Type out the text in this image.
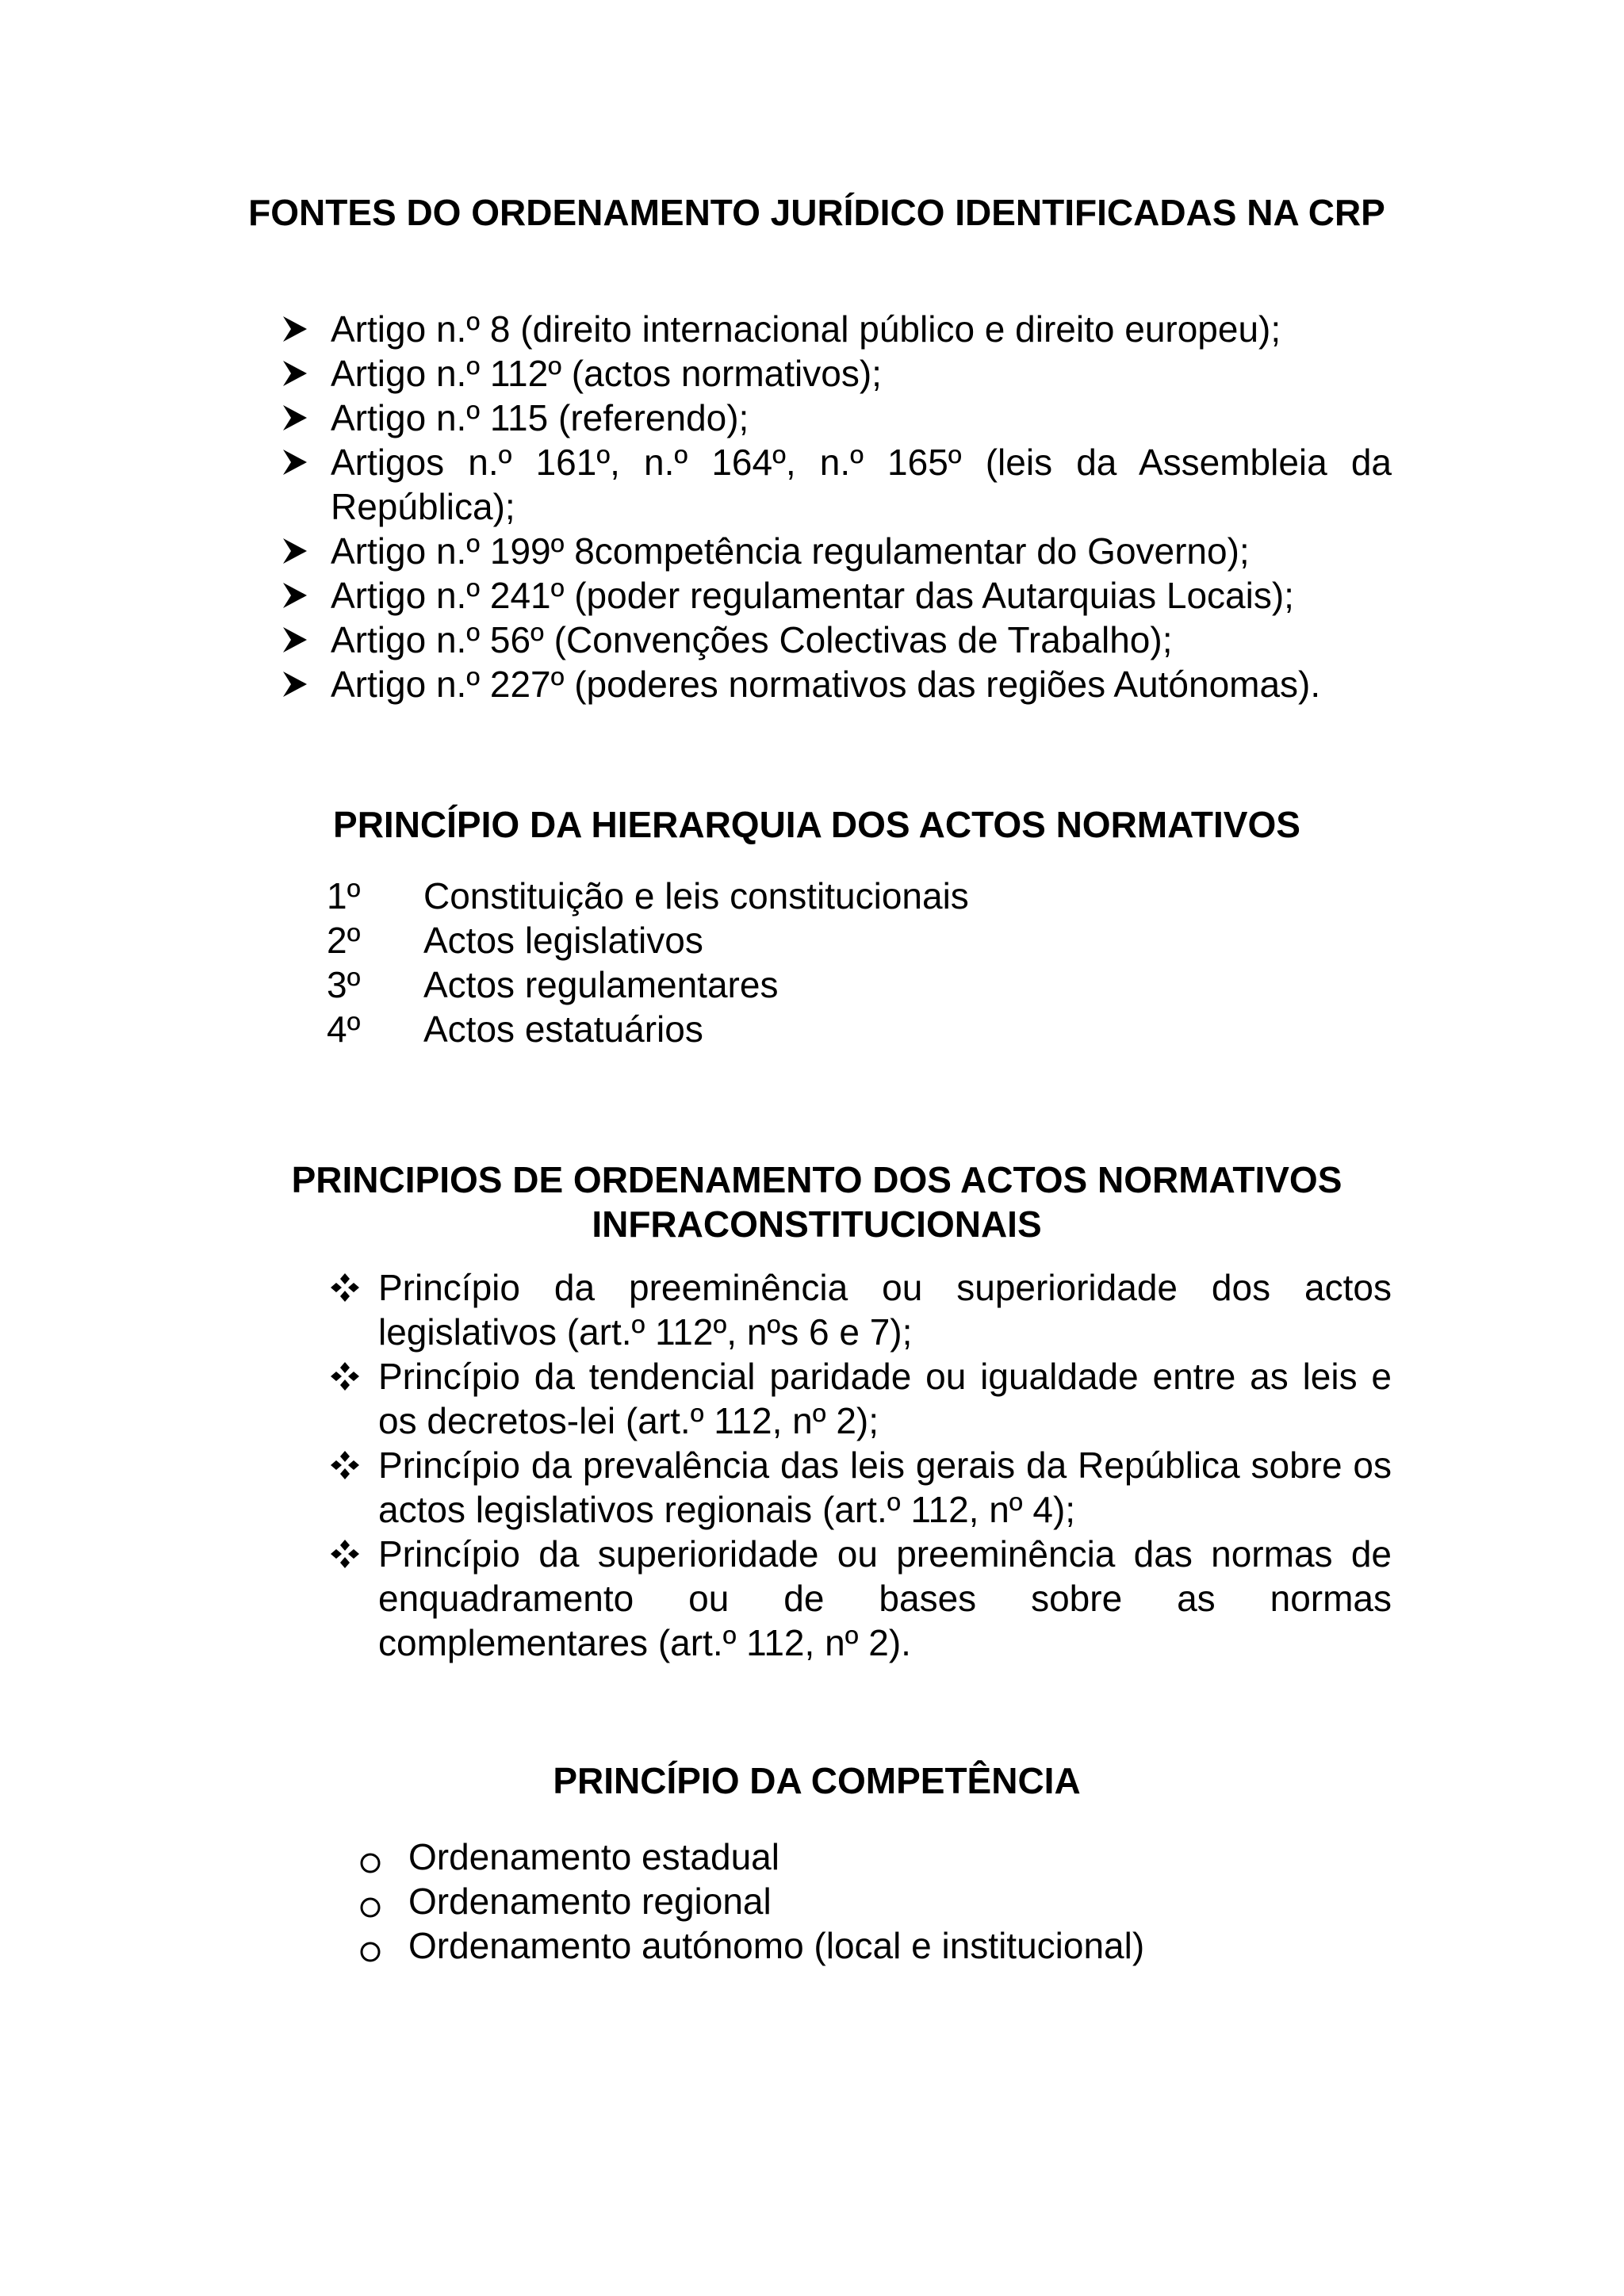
FONTES DO ORDENAMENTO JURÍDICO IDENTIFICADAS NA CRP
Artigo n.º 8 (direito internacional público e direito europeu);
Artigo n.º 112º (actos normativos);
Artigo n.º 115 (referendo);
Artigos n.º 161º, n.º 164º, n.º 165º (leis da Assembleia da República);
Artigo n.º 199º 8competência regulamentar do Governo);
Artigo n.º 241º (poder regulamentar das Autarquias Locais);
Artigo n.º 56º (Convenções Colectivas de Trabalho);
Artigo n.º 227º (poderes normativos das regiões Autónomas).
PRINCÍPIO DA HIERARQUIA DOS ACTOS NORMATIVOS
1º Constituição e leis constitucionais
2º Actos legislativos
3º Actos regulamentares
4º Actos estatuários
PRINCIPIOS DE ORDENAMENTO DOS ACTOS NORMATIVOS
INFRACONSTITUCIONAIS
Princípio da preeminência ou superioridade dos actos legislativos (art.º 112º, nºs 6 e 7);
Princípio da tendencial paridade ou igualdade entre as leis e os decretos-lei (art.º 112, nº 2);
Princípio da prevalência das leis gerais da República sobre os actos legislativos regionais (art.º 112, nº 4);
Princípio da superioridade ou preeminência das normas de enquadramento ou de bases sobre as normas complementares (art.º 112, nº 2).
PRINCÍPIO DA COMPETÊNCIA
Ordenamento estadual
Ordenamento regional
Ordenamento autónomo (local e institucional)
